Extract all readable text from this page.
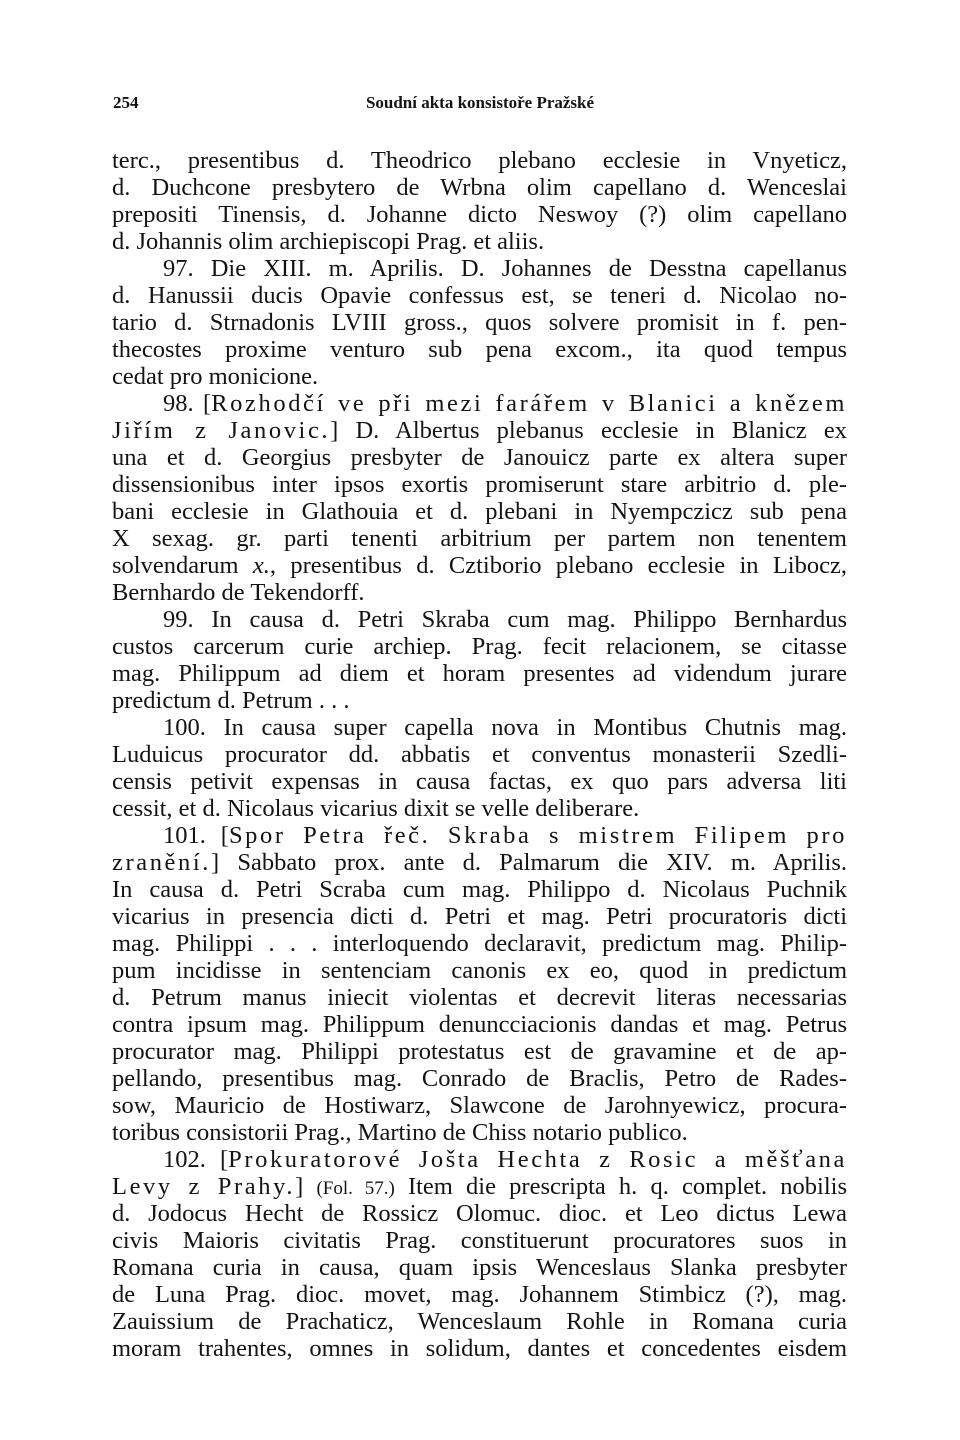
254	Soudní akta konsistoře Pražské
terc., presentibus d. Theodrico plebano ecclesie in Vnyeticz,
d. Duchcone presbytero de Wrbna olim capellano d. Wenceslai
prepositi Tinensis, d. Johanne dicto Neswoy (?) olim capellano
d. Johannis olim archiepiscopi Prag. et aliis.
97. Die XIII. m. Aprilis. D. Johannes de Desstna capellanus
d. Hanussii ducis Opavie confessus est, se teneri d. Nicolao no-
tario d. Strnadonis LVIII gross., quos solvere promisit in f. pen-
thecostes proxime venturo sub pena excom., ita quod tempus
cedat pro monicione.
98. [Rozhodčí ve při mezi farářem v Blanici a knězem
Jiřím z Janovic.] D. Albertus plebanus ecclesie in Blanicz ex
una et d. Georgius presbyter de Janouicz parte ex altera super
dissensionibus inter ipsos exortis promiserunt stare arbitrio d. ple-
bani ecclesie in Glathouia et d. plebani in Nyempczicz sub pena
X sexag. gr. parti tenenti arbitrium per partem non tenentem
solvendarum x., presentibus d. Cztiborio plebano ecclesie in Libocz,
Bernhardo de Tekendorff.
99. In causa d. Petri Skraba cum mag. Philippo Bernhardus
custos carcerum curie archiep. Prag. fecit relacionem, se citasse
mag. Philippum ad diem et horam presentes ad videndum jurare
predictum d. Petrum . . .
100. In causa super capella nova in Montibus Chutnis mag.
Luduicus procurator dd. abbatis et conventus monasterii Szedli-
censis petivit expensas in causa factas, ex quo pars adversa liti
cessit, et d. Nicolaus vicarius dixit se velle deliberare.
101. [Spor Petra řeč. Skraba s mistrem Filipem pro
zranění.] Sabbato prox. ante d. Palmarum die XIV. m. Aprilis.
In causa d. Petri Scraba cum mag. Philippo d. Nicolaus Puchnik
vicarius in presencia dicti d. Petri et mag. Petri procuratoris dicti
mag. Philippi . . . interloquendo declaravit, predictum mag. Philip-
pum incidisse in sentenciam canonis ex eo, quod in predictum
d. Petrum manus iniecit violentas et decrevit literas necessarias
contra ipsum mag. Philippum denuncciacionis dandas et mag. Petrus
procurator mag. Philippi protestatus est de gravamine et de ap-
pellando, presentibus mag. Conrado de Braclis, Petro de Rades-
sow, Mauricio de Hostiwarz, Slawcone de Jarohnyewicz, procura-
toribus consistorii Prag., Martino de Chiss notario publico.
102. [Prokuratorové Jošta Hechta z Rosic a měšťana
Levy z Prahy.] (Fol. 57.) Item die prescripta h. q. complet. nobilis
d. Jodocus Hecht de Rossicz Olomuc. dioc. et Leo dictus Lewa
civis Maioris civitatis Prag. constituerunt procuratores suos in
Romana curia in causa, quam ipsis Wenceslaus Slanka presbyter
de Luna Prag. dioc. movet, mag. Johannem Stimbicz (?), mag.
Zauissium de Prachaticz, Wenceslaum Rohle in Romana curia
moram trahentes, omnes in solidum, dantes et concedentes eisdem
